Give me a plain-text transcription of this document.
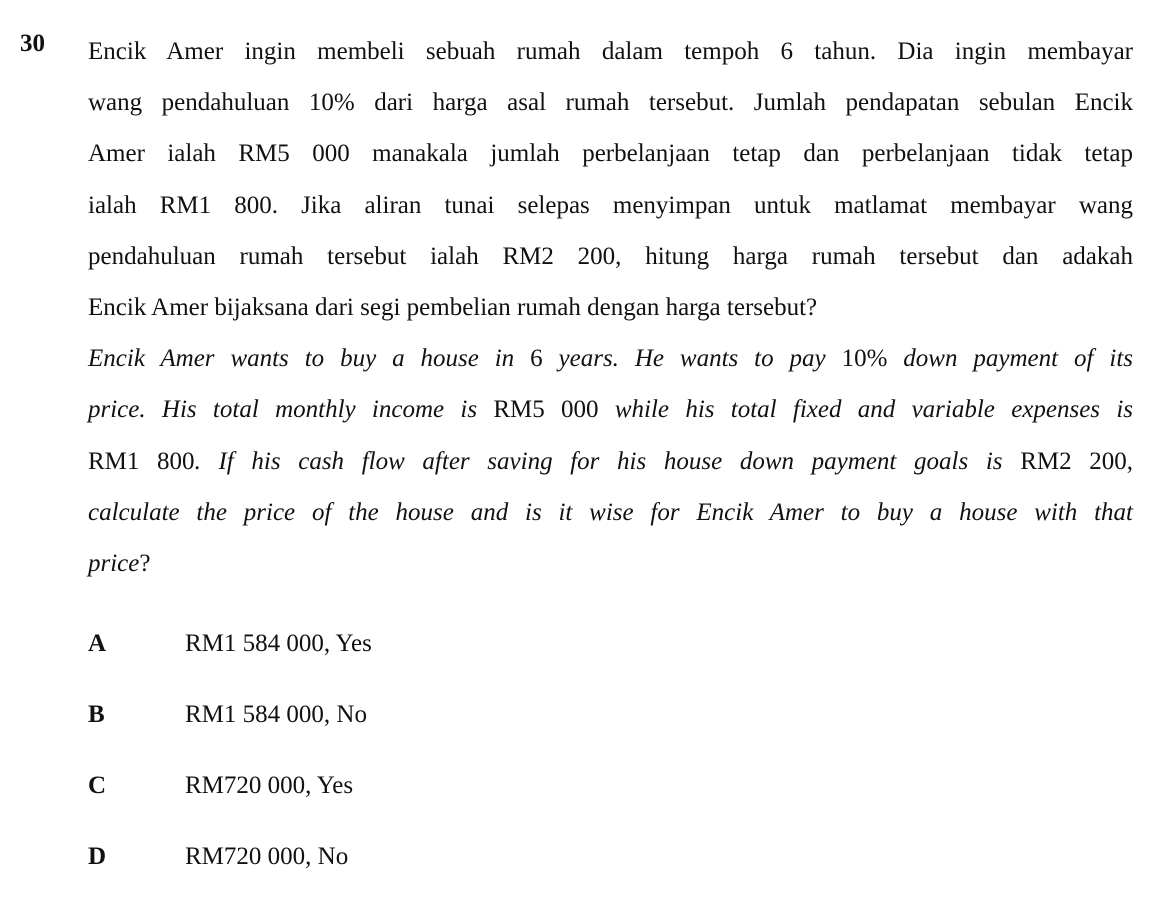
30 Encik Amer ingin membeli sebuah rumah dalam tempoh 6 tahun. Dia ingin membayar
wang pendahuluan 10% dari harga asal rumah tersebut. Jumlah pendapatan sebulan Encik
Amer ialah RM5 000 manakala jumlah perbelanjaan tetap dan perbelanjaan tidak tetap
ialah RM1 800. Jika aliran tunai selepas menyimpan untuk matlamat membayar wang
pendahuluan rumah tersebut ialah RM2 200, hitung harga rumah tersebut dan adakah
Encik Amer bijaksana dari segi pembelian rumah dengan harga tersebut?
Encik Amer wants to buy a house in 6 years. He wants to pay 10% down payment of its
price. His total monthly income is RM5 000 while his total fixed and variable expenses is
RM1 800. If his cash flow after saving for his house down payment goals is RM2 200,
calculate the price of the house and is it wise for Encik Amer to buy a house with that
price?
A	RM1 584 000, Yes
B	RM1 584 000, No
C	RM720 000, Yes
D	RM720 000, No
